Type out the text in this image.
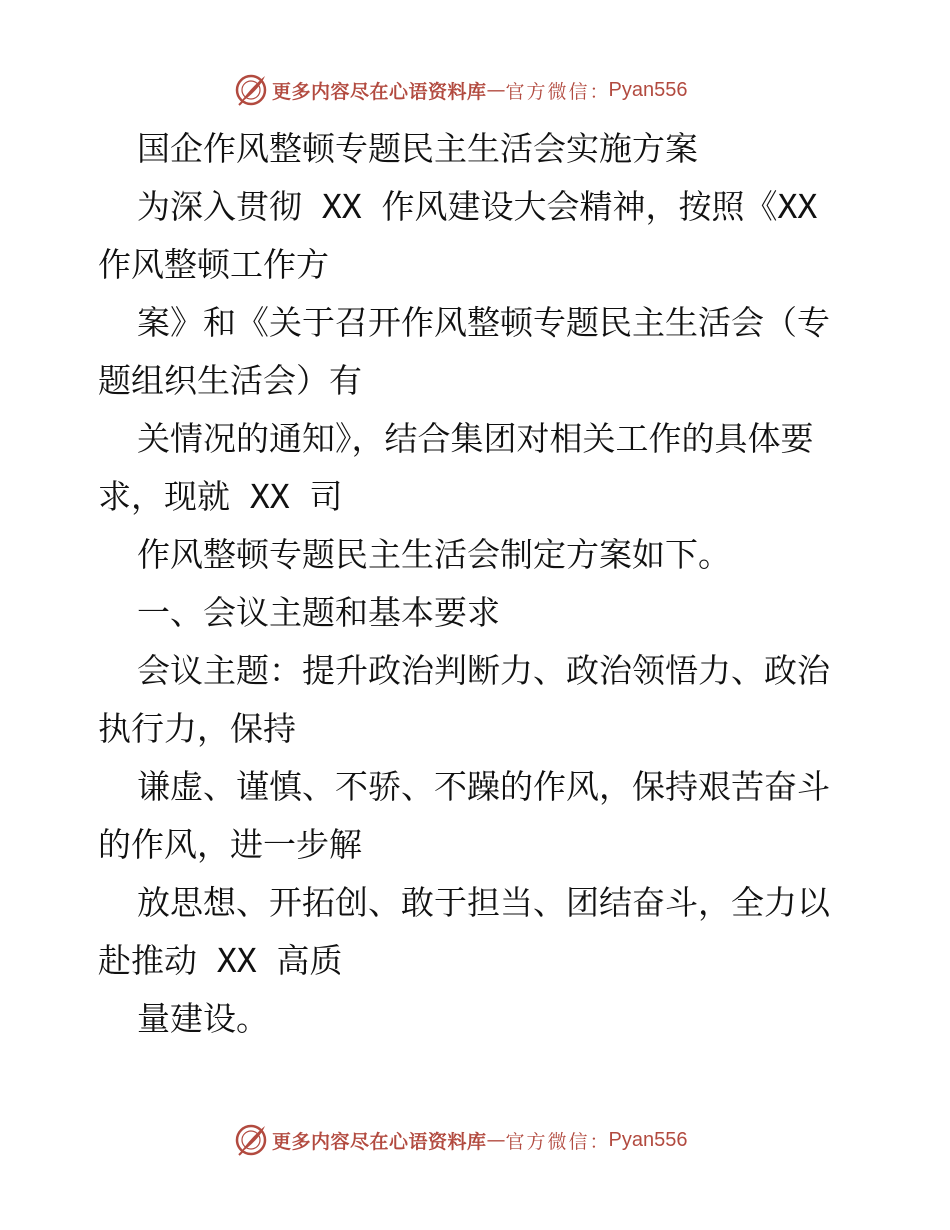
更多内容尽在心语资料库 — 官方微信 ： Pyan556
国企作风整顿专题民主生活会实施方案
为深入贯彻 XX 作风建设大会精神，按照《XX
作风整顿工作方
案》和《关于召开作风整顿专题民主生活会（专
题组织生活会）有
关情况的通知》，结合集团对相关工作的具体要
求，现就 XX 司
作风整顿专题民主生活会制定方案如下。
一、会议主题和基本要求
会议主题：提升政治判断力、政治领悟力、政治
执行力，保持
谦虚、谨慎、不骄、不躁的作风，保持艰苦奋斗
的作风，进一步解
放思想、开拓创、敢于担当、团结奋斗，全力以
赴推动 XX 高质
量建设。
更多内容尽在心语资料库 — 官方微信 ： Pyan556
